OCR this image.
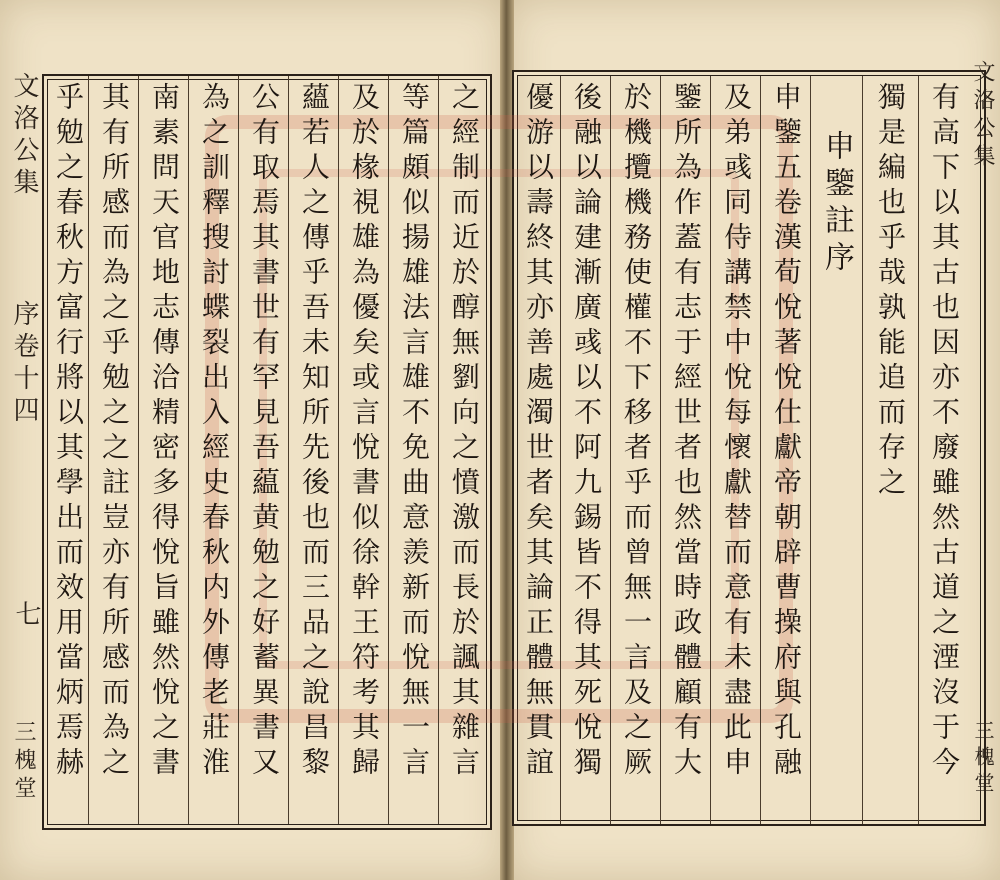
文洛公集
序卷十四
七
三槐堂	之經制而近於醇無劉向之憤激而長於諷其雜言
等篇頗似揚雄法言雄不免曲意羨新而悅無一言
及於椽視雄為優矣或言悅書似徐幹王符考其歸
蘊若人之傳乎吾未知所先後也而三品之說昌黎
公有取焉其書世有罕見吾藴黄勉之好蓄異書又
為之訓釋搜討蝶裂出入經史春秋内外傳老莊淮
南素問天官地志傳洽精密多得悅旨雖然悅之書
其有所感而為之乎勉之之註豈亦有所感而為之
乎勉之春秋方富行將以其學出而效用當炳焉赫	有高下以其古也因亦不廢雖然古道之湮沒于今
獨是編也乎哉孰能追而存之
申鑒註序
申鑒五卷漢荀悅著悅仕獻帝朝辟曹操府與孔融
及弟彧同侍講禁中悅每懷獻替而意有未盡此申
鑒所為作蓋有志于經世者也然當時政體顧有大
於機攬機務使權不下移者乎而曾無一言及之厥
後融以論建漸廣彧以不阿九錫皆不得其死悅獨
優游以壽終其亦善處濁世者矣其論正體無貫誼	文洛公集
三槐堂
